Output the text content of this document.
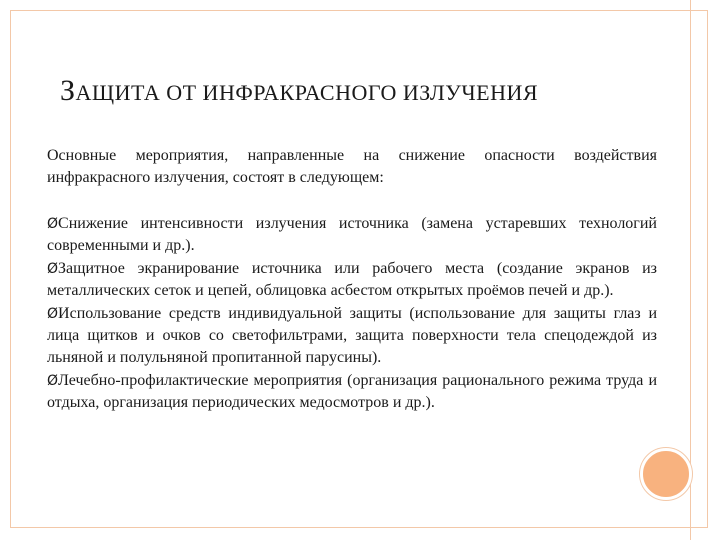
ЗАЩИТА ОТ ИНФРАКРАСНОГО ИЗЛУЧЕНИЯ

Основные мероприятия, направленные на снижение опасности воздействия инфракрасного излучения, состоят в следующем:

ØСнижение интенсивности излучения источника (замена устаревших технологий современными и др.).
ØЗащитное экранирование источника или рабочего места (создание экранов из металлических сеток и цепей, облицовка асбестом открытых проёмов печей и др.).
ØИспользование средств индивидуальной защиты (использование для защиты глаз и лица щитков и очков со светофильтрами, защита поверхности тела спецодеждой из льняной и полульняной пропитанной парусины).
ØЛечебно-профилактические мероприятия (организация рационального режима труда и отдыха, организация периодических медосмотров и др.).
